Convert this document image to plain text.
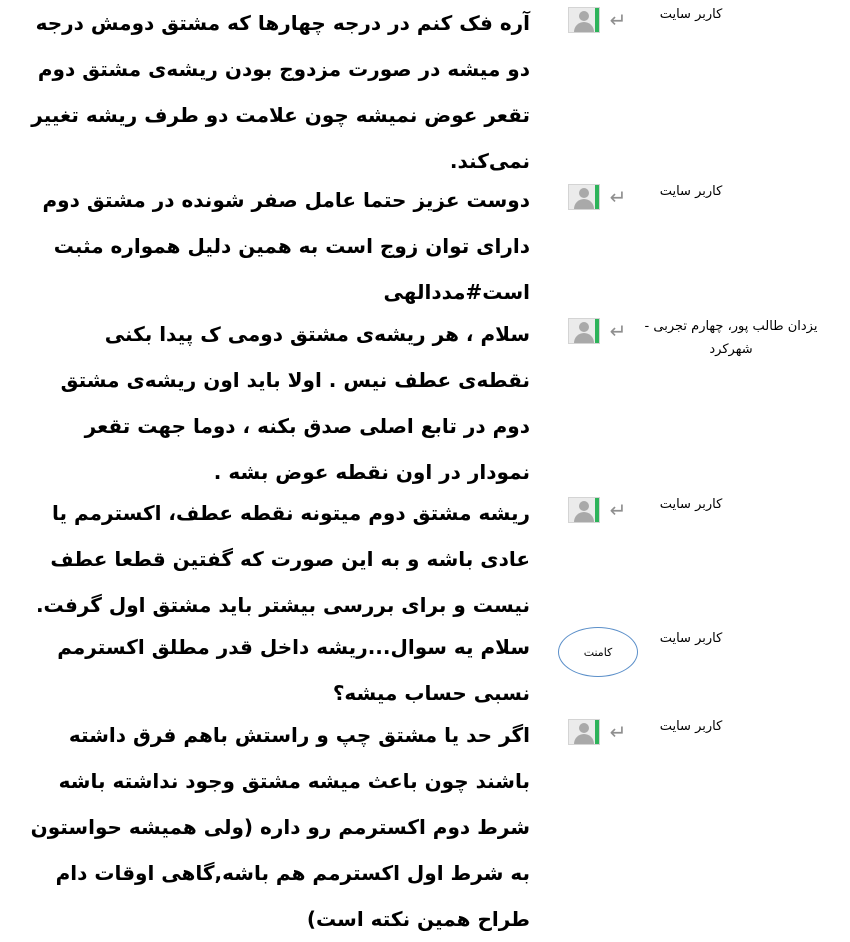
کاربر سایت
↵
آره فک کنم در درجه چهارها که مشتق دومش درجه دو میشه در صورت مزدوج بودن ریشه‌ی مشتق دوم تقعر عوض نمیشه چون علامت دو طرف ریشه تغییر نمی‌کند.
کاربر سایت
↵
دوست عزیز حتما عامل صفر شونده در مشتق دوم دارای توان زوج است به همین دلیل همواره مثبت است#مددالهی
یزدان طالب پور، چهارم تجربی - شهرکرد
↵
سلام ، هر ریشه‌ی مشتق دومی ک پیدا بکنی نقطه‌ی عطف نیس . اولا باید اون ریشه‌ی مشتق دوم در تابع اصلی صدق بکنه ، دوما جهت تقعر نمودار در اون نقطه عوض بشه .
کاربر سایت
↵
ریشه مشتق دوم میتونه نقطه عطف، اکسترمم یا عادی باشه و به این صورت که گفتین قطعا عطف نیست و برای بررسی بیشتر باید مشتق اول گرفت.
کاربر سایت
کامنت
سلام یه سوال...ریشه داخل قدر مطلق اکسترمم نسبی حساب میشه؟
کاربر سایت
↵
اگر حد یا مشتق چپ و راستش باهم فرق داشته باشند چون باعث میشه مشتق وجود نداشته باشه شرط دوم اکسترمم رو داره (ولی همیشه حواستون به شرط اول اکسترمم هم باشه,گاهی اوقات دام طراح همین نکته است)
